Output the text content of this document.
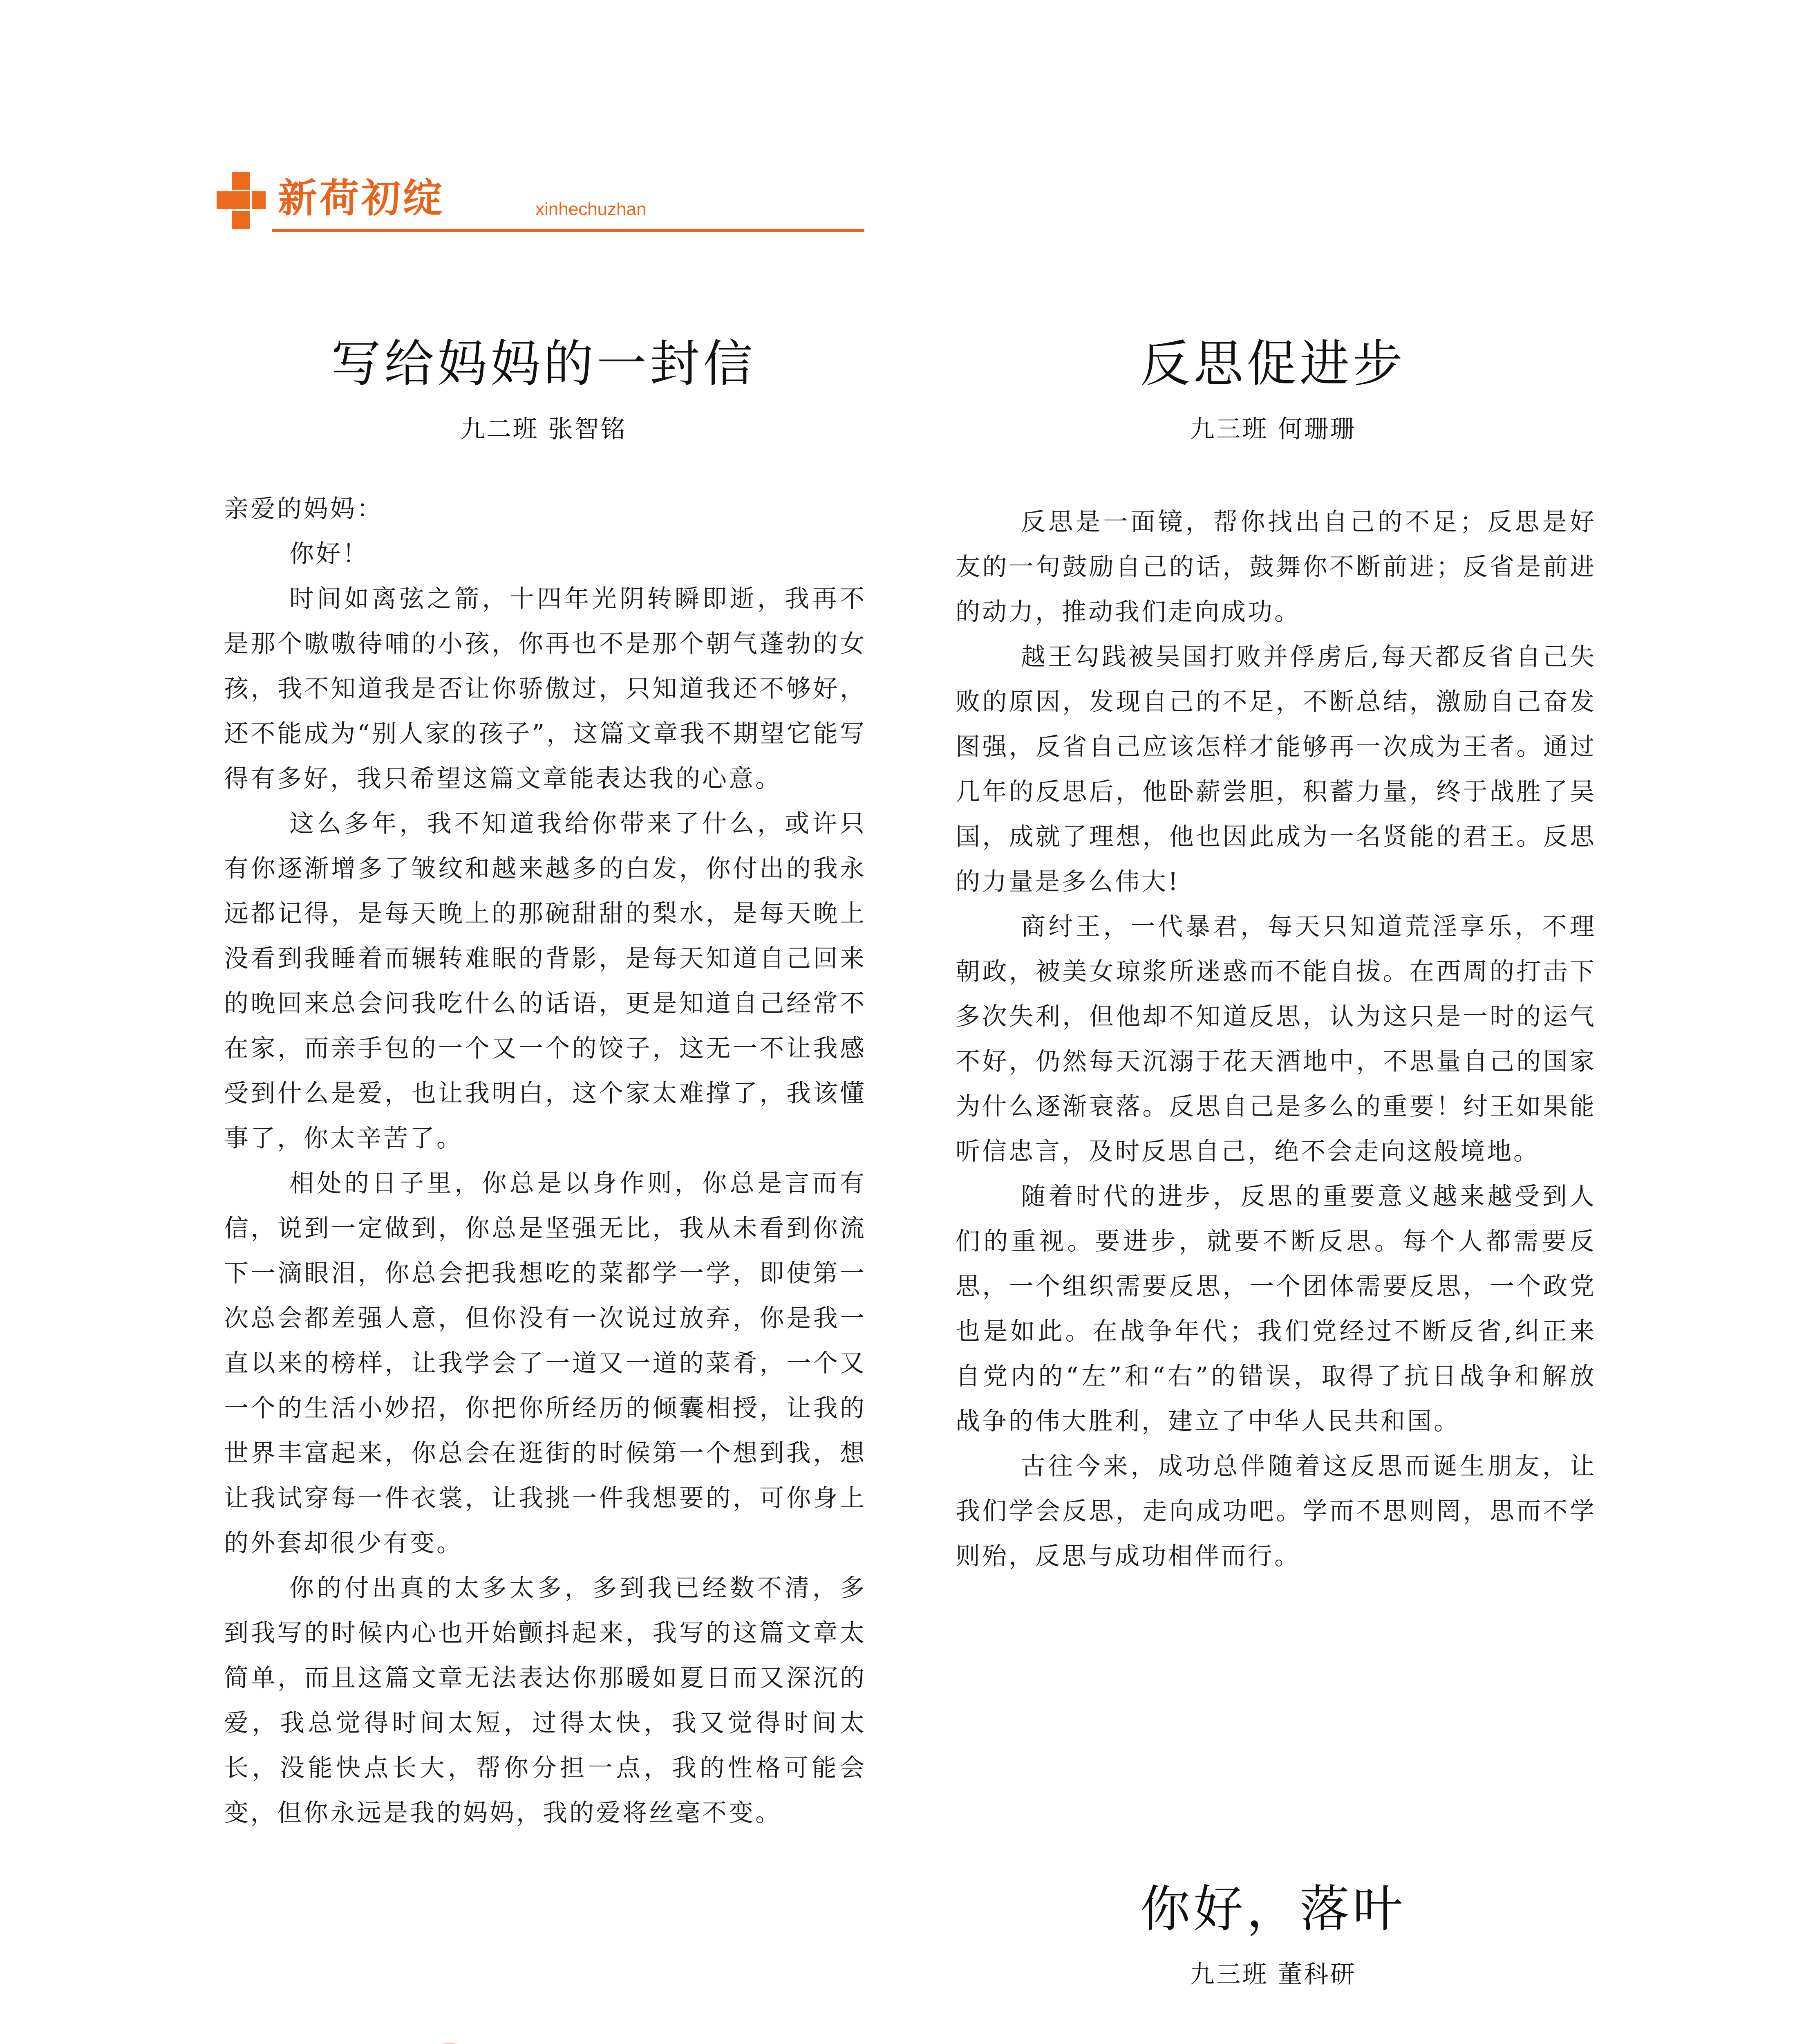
新荷初绽	xinhechuzhan
写给妈妈的一封信
九二班 张智铭

亲爱的妈妈：

你好！

时间如离弦之箭，十四年光阴转瞬即逝，我再不是那个嗷嗷待哺的小孩，你再也不是那个朝气蓬勃的女孩，我不知道我是否让你骄傲过，只知道我还不够好，还不能成为“别人家的孩子”，这篇文章我不期望它能写得有多好，我只希望这篇文章能表达我的心意。

这么多年，我不知道我给你带来了什么，或许只有你逐渐增多了皱纹和越来越多的白发，你付出的我永远都记得，是每天晚上的那碗甜甜的梨水，是每天晚上没看到我睡着而辗转难眠的背影，是每天知道自己回来的晚回来总会问我吃什么的话语，更是知道自己经常不在家，而亲手包的一个又一个的饺子，这无一不让我感受到什么是爱，也让我明白，这个家太难撑了，我该懂事了，你太辛苦了。

相处的日子里，你总是以身作则，你总是言而有信，说到一定做到，你总是坚强无比，我从未看到你流下一滴眼泪，你总会把我想吃的菜都学一学，即使第一次总会都差强人意，但你没有一次说过放弃，你是我一直以来的榜样，让我学会了一道又一道的菜肴，一个又一个的生活小妙招，你把你所经历的倾囊相授，让我的世界丰富起来，你总会在逛街的时候第一个想到我，想让我试穿每一件衣裳，让我挑一件我想要的，可你身上的外套却很少有变。

你的付出真的太多太多，多到我已经数不清，多到我写的时候内心也开始颤抖起来，我写的这篇文章太简单，而且这篇文章无法表达你那暖如夏日而又深沉的爱，我总觉得时间太短，过得太快，我又觉得时间太长，没能快点长大，帮你分担一点，我的性格可能会变，但你永远是我的妈妈，我的爱将丝毫不变。

反思促进步
九三班 何珊珊

反思是一面镜，帮你找出自己的不足；反思是好友的一句鼓励自己的话，鼓舞你不断前进；反省是前进的动力，推动我们走向成功。

越王勾践被吴国打败并俘虏后,每天都反省自己失败的原因，发现自己的不足，不断总结，激励自己奋发图强，反省自己应该怎样才能够再一次成为王者。通过几年的反思后，他卧薪尝胆，积蓄力量，终于战胜了吴国，成就了理想，他也因此成为一名贤能的君王。反思的力量是多么伟大!

商纣王，一代暴君，每天只知道荒淫享乐，不理朝政，被美女琼浆所迷惑而不能自拔。在西周的打击下多次失利，但他却不知道反思，认为这只是一时的运气不好，仍然每天沉溺于花天酒地中，不思量自己的国家为什么逐渐衰落。反思自己是多么的重要！纣王如果能听信忠言，及时反思自己，绝不会走向这般境地。

随着时代的进步，反思的重要意义越来越受到人们的重视。要进步，就要不断反思。每个人都需要反思，一个组织需要反思，一个团体需要反思，一个政党也是如此。在战争年代；我们党经过不断反省,纠正来自党内的“左”和“右”的错误，取得了抗日战争和解放战争的伟大胜利，建立了中华人民共和国。

古往今来，成功总伴随着这反思而诞生朋友，让我们学会反思，走向成功吧。学而不思则罔，思而不学则殆，反思与成功相伴而行。

你好，落叶
九三班 董科研
